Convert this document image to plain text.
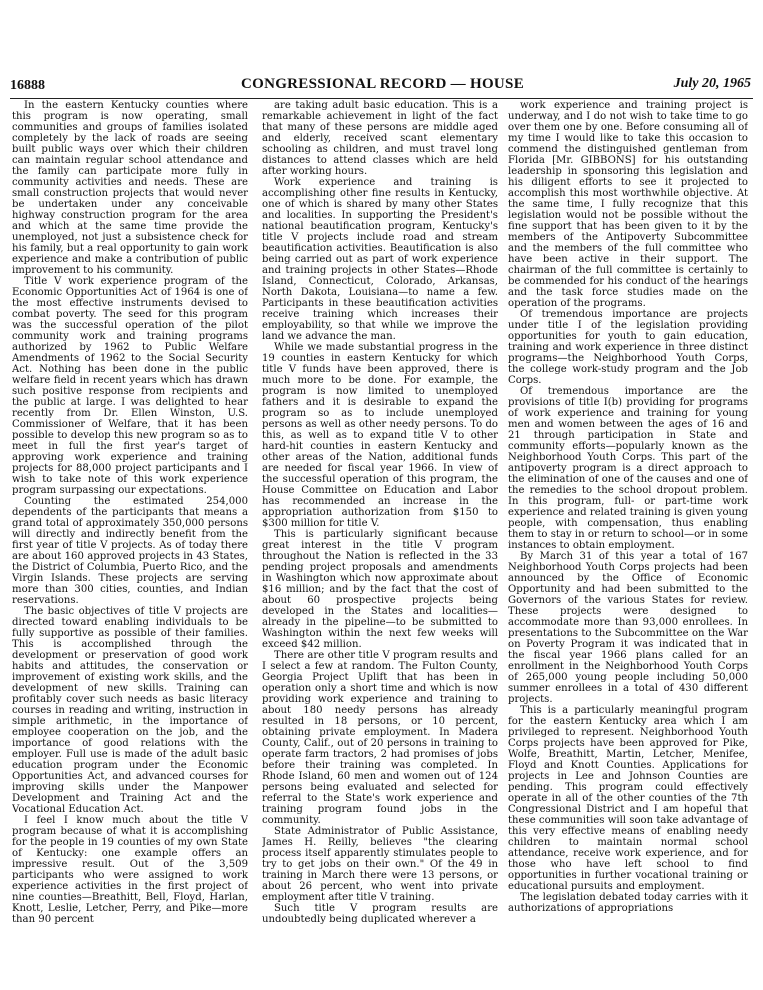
16888	CONGRESSIONAL RECORD — HOUSE	July 20, 1965

In the eastern Kentucky counties where this program is now operating, small communities and groups of families isolated completely by the lack of roads are seeing built public ways over which their children can maintain regular school attendance and the family can participate more fully in community activities and needs. These are small construction projects that would never be undertaken under any conceivable highway construction program for the area and which at the same time provide the unemployed, not just a subsistence check for his family, but a real opportunity to gain work experience and make a contribution of public improvement to his community.

Title V work experience program of the Economic Opportunities Act of 1964 is one of the most effective instruments devised to combat poverty. The seed for this program was the successful operation of the pilot community work and training programs authorized by 1962 to Public Welfare Amendments of 1962 to the Social Security Act. Nothing has been done in the public welfare field in recent years which has drawn such positive response from recipients and the public at large. I was delighted to hear recently from Dr. Ellen Winston, U.S. Commissioner of Welfare, that it has been possible to develop this new program so as to meet in full the first year's target of approving work experience and training projects for 88,000 project participants and I wish to take note of this work experience program surpassing our expectations.

Counting the estimated 254,000 dependents of the participants that means a grand total of approximately 350,000 persons will directly and indirectly benefit from the first year of title V projects. As of today there are about 160 approved projects in 43 States, the District of Columbia, Puerto Rico, and the Virgin Islands. These projects are serving more than 300 cities, counties, and Indian reservations.

The basic objectives of title V projects are directed toward enabling individuals to be fully supportive as possible of their families. This is accomplished through the development or preservation of good work habits and attitudes, the conservation or improvement of existing work skills, and the development of new skills. Training can profitably cover such needs as basic literacy courses in reading and writing, instruction in simple arithmetic, in the importance of employee cooperation on the job, and the importance of good relations with the employer. Full use is made of the adult basic education program under the Economic Opportunities Act, and advanced courses for improving skills under the Manpower Development and Training Act and the Vocational Education Act.

I feel I know much about the title V program because of what it is accomplishing for the people in 19 counties of my own State of Kentucky: one example offers an impressive result. Out of the 3,509 participants who were assigned to work experience activities in the first project of nine counties—Breathitt, Bell, Floyd, Harlan, Knott, Leslie, Letcher, Perry, and Pike—more than 90 percent

are taking adult basic education. This is a remarkable achievement in light of the fact that many of these persons are middle aged and elderly, received scant elementary schooling as children, and must travel long distances to attend classes which are held after working hours.

Work experience and training is accomplishing other fine results in Kentucky, one of which is shared by many other States and localities. In supporting the President's national beautification program, Kentucky's title V projects include road and stream beautification activities. Beautification is also being carried out as part of work experience and training projects in other States—Rhode Island, Connecticut, Colorado, Arkansas, North Dakota, Louisiana—to name a few. Participants in these beautification activities receive training which increases their employability, so that while we improve the land we advance the man.

While we made substantial progress in the 19 counties in eastern Kentucky for which title V funds have been approved, there is much more to be done. For example, the program is now limited to unemployed fathers and it is desirable to expand the program so as to include unemployed persons as well as other needy persons. To do this, as well as to expand title V to other hard-hit counties in eastern Kentucky and other areas of the Nation, additional funds are needed for fiscal year 1966. In view of the successful operation of this program, the House Committee on Education and Labor has recommended an increase in the appropriation authorization from $150 to $300 million for title V.

This is particularly significant because great interest in the title V program throughout the Nation is reflected in the 33 pending project proposals and amendments in Washington which now approximate about $16 million; and by the fact that the cost of about 60 prospective projects being developed in the States and localities—already in the pipeline—to be submitted to Washington within the next few weeks will exceed $42 million.

There are other title V program results and I select a few at random. The Fulton County, Georgia Project Uplift that has been in operation only a short time and which is now providing work experience and training to about 180 needy persons has already resulted in 18 persons, or 10 percent, obtaining private employment. In Madera County, Calif., out of 20 persons in training to operate farm tractors, 2 had promises of jobs before their training was completed. In Rhode Island, 60 men and women out of 124 persons being evaluated and selected for referral to the State's work experience and training program found jobs in the community.

State Administrator of Public Assistance, James H. Reilly, believes "the clearing process itself apparently stimulates people to try to get jobs on their own." Of the 49 in training in March there were 13 persons, or about 26 percent, who went into private employment after title V training.

Such title V program results are undoubtedly being duplicated wherever a

work experience and training project is underway, and I do not wish to take time to go over them one by one. Before consuming all of my time I would like to take this occasion to commend the distinguished gentleman from Florida [Mr. GIBBONS] for his outstanding leadership in sponsoring this legislation and his diligent efforts to see it projected to accomplish this most worthwhile objective. At the same time, I fully recognize that this legislation would not be possible without the fine support that has been given to it by the members of the Antipoverty Subcommittee and the members of the full committee who have been active in their support. The chairman of the full committee is certainly to be commended for his conduct of the hearings and the task force studies made on the operation of the programs.

Of tremendous importance are projects under title I of the legislation providing opportunities for youth to gain education, training and work experience in three distinct programs—the Neighborhood Youth Corps, the college work-study program and the Job Corps.

Of tremendous importance are the provisions of title I(b) providing for programs of work experience and training for young men and women between the ages of 16 and 21 through participation in State and community efforts—popularly known as the Neighborhood Youth Corps. This part of the antipoverty program is a direct approach to the elimination of one of the causes and one of the remedies to the school dropout problem. In this program, full- or part-time work experience and related training is given young people, with compensation, thus enabling them to stay in or return to school—or in some instances to obtain employment.

By March 31 of this year a total of 167 Neighborhood Youth Corps projects had been announced by the Office of Economic Opportunity and had been submitted to the Governors of the various States for review. These projects were designed to accommodate more than 93,000 enrollees. In presentations to the Subcommittee on the War on Poverty Program it was indicated that in the fiscal year 1966 plans called for an enrollment in the Neighborhood Youth Corps of 265,000 young people including 50,000 summer enrollees in a total of 430 different projects.

This is a particularly meaningful program for the eastern Kentucky area which I am privileged to represent. Neighborhood Youth Corps projects have been approved for Pike, Wolfe, Breathitt, Martin, Letcher, Menifee, Floyd and Knott Counties. Applications for projects in Lee and Johnson Counties are pending. This program could effectively operate in all of the other counties of the 7th Congressional District and I am hopeful that these communities will soon take advantage of this very effective means of enabling needy children to maintain normal school attendance, receive work experience, and for those who have left school to find opportunities in further vocational training or educational pursuits and employment.

The legislation debated today carries with it authorizations of appropriations
